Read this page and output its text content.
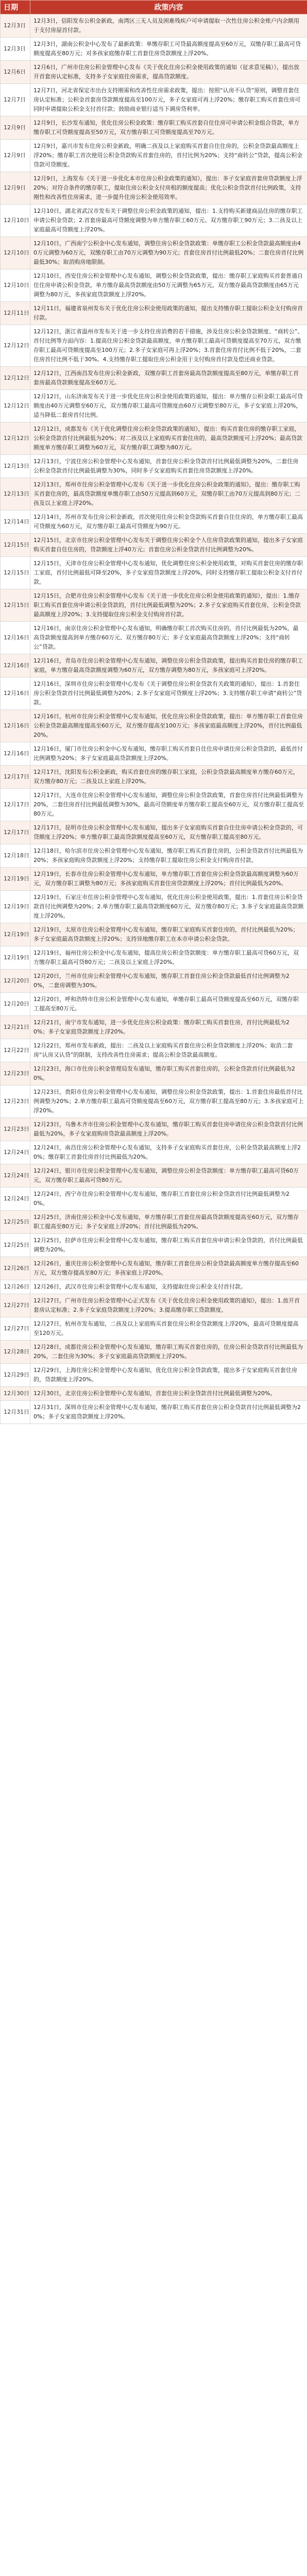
日期	政策内容
12月3日	12月3日，信阳发布公积金新政，南湾区三无人员及困难残疾户可申请提取一次性住房公积金账户内余额用于支付房屋首付款。
12月3日	12月3日，湖南公积金中心发布了最新政策：单缴存职工可贷最高额度提高至60万元，双缴存职工最高可贷额度提高至80万元；对多孩家庭缴存职工首套住房贷款额度上浮20%。
12月6日	12月6日，广州市住房公积金管理中心发布《关于优化住房公积金使用政策的通知（征求意见稿）》，提出放开首套房认定标准，支持多子女家庭住房需求，提高贷款额度。
12月7日	12月7日，河北省保定市出台支持刚需和改善性住房需求政策，提出：按照“认房不认贷”原则，调整首套住房认定标准；公积金首套房贷款额度提高至100万元，多子女家庭可再上浮20%；缴存职工购买首套住房可同时申请提取公积金支付首付款；鼓励商业银行适当下调房贷利率。
12月9日	12月9日，长沙发布通知，优化住房公积金政策：缴存职工购买首套自住住房可申请公积金组合贷款，单方缴存职工可贷额度提高至50万元，双方缴存职工可贷额度提高至70万元。
12月9日	12月9日，嘉兴市发布住房公积金新政，明确二孩及以上家庭购买首套自住住房的，公积金贷款最高额度上浮20%；缴存职工首次使用公积金贷款购买首套住房的，首付比例为20%；支持“商转公”贷款，提高公积金贷款可贷额度。
12月9日	12月9日，上海发布《关于进一步优化本市住房公积金政策的通知》，提出：多子女家庭首套房贷款额度上浮20%；对符合条件的缴存职工，提取住房公积金支付房租的额度提高；优化公积金贷款首付比例政策，支持刚性和改善性住房需求，进一步提升住房公积金使用效率。
12月10日	12月10日，湖北省武汉市发布关于调整住房公积金政策的通知，提出：1.支持购买新建商品住房的缴存职工申请公积金贷款；2.首套房最高可贷额度调整为单方缴存职工60万元、双方缴存职工90万元；3.二孩及以上家庭最高可贷额度上浮20%。
12月10日	12月10日，广西南宁公积金中心发布通知，调整住房公积金贷款政策：单缴存职工公积金贷款最高额度由40万元调整为60万元，双缴存职工由70万元调整为90万元；首套住房首付比例最低20%；二套住房首付比例最低30%；取消购房地限制。
12月10日	12月10日，西安住房公积金管理中心发布通知，调整公积金贷款政策，提出：缴存职工家庭购买首套普通自住住房申请公积金贷款，单方缴存最高贷款额度由50万元调整为65万元，双方缴存最高贷款额度由65万元调整为80万元，多孩家庭贷款额度上浮20%。
12月11日	12月11日，福建省泉州发布关于优化住房公积金使用政策的通知，提出支持缴存职工提取公积金支付购房首付款。
12月12日	12月12日，浙江省温州市发布关于进一步支持住房消费的若干措施，涉及住房公积金贷款额度、“商转公”、首付比例等方面内容：1.提高住房公积金贷款最高额度，单方缴存职工最高可贷额度提高至70万元，双方缴存职工最高可贷额度提高至100万元；2.多子女家庭可再上浮20%；3.首套住房首付比例不低于20%，二套住房首付比例不低于30%。4.支持缴存职工提取住房公积金用于支付购房首付款及偿还商业贷款。
12月12日	12月12日，江西南昌发布住房公积金新政，双缴存职工首套房最高贷款额度提高至80万元，单缴存职工首套房最高贷款额度提高至60万元。
12月12日	12月12日，山东济南发布关于进一步优化住房公积金使用政策的通知，提出：单方缴存公积金职工最高可贷额度由40万元调整至60万元，双方缴存职工最高可贷额度由60万元调整至80万元，多子女家庭上浮20%，适当降低二套房首付比例。
12月12日	12月12日，成都发布《关于优化调整住房公积金贷款政策的通知》，提出：购买首套住房的缴存职工家庭，公积金贷款首付比例最低为20%；对二孩及以上家庭购买首套住房的，最高贷款额度可上浮20%；最高贷款额度单方缴存职工调整为60万元，双方缴存职工调整为80万元。
12月13日	12月13日，宁波住房公积金管理中心发布通知，首套住房公积金贷款首付比例最低调整为20%，二套住房公积金贷款首付比例最低调整为30%，同时多子女家庭购买首套住房贷款额度上浮20%。
12月13日	12月13日，郑州市住房公积金管理中心发布《关于进一步优化住房公积金政策的通知》，提出：缴存职工购买首套住房的，最高贷款额度单缴存职工由50万元提高到60万元，双缴存职工由70万元提高到80万元；二孩及以上家庭上浮20%。
12月14日	12月14日，苏州市发布住房公积金新政，首次使用住房公积金贷款购买首套自住住房的，单方缴存职工最高可贷额度为60万元，双方缴存职工最高可贷额度为90万元。
12月15日	12月15日，北京市住房公积金管理中心发布关于调整住房公积金个人住房贷款政策的通知，提出多子女家庭购买首套自住住房的，贷款额度上浮40万元；首套住房公积金贷款首付比例调整为20%。
12月15日	12月15日，天津市住房公积金管理中心发布通知，优化调整住房公积金使用政策，对购买首套住房的缴存职工家庭，首付比例最低可降至20%，多子女家庭贷款额度上浮20%，同时支持缴存职工提取公积金支付首付款。
12月15日	12月15日，合肥市住房公积金管理中心发布《关于进一步优化住房公积金使用政策的通知》，提出：1.缴存职工购买首套住房申请公积金贷款的，首付比例最低调整为20%；2.多子女家庭购买首套住房，公积金贷款最高额度上浮20%；3.支持提取住房公积金支付购房首付款。
12月16日	12月16日，南京住房公积金管理中心发布通知，明确缴存职工首次购买住房的，首付比例最低为20%，最高贷款额度提高到单方缴存60万元、双方缴存80万元；多子女家庭最高贷款额度上浮20%；支持“商转公”贷款。
12月16日	12月16日，青岛市住房公积金管理中心发布通知，调整住房公积金贷款政策，提出购买首套住房的缴存职工家庭，单方缴存最高贷款额度调整为60万元，双方缴存调整为80万元，多孩家庭可上浮20%。
12月16日	12月16日，深圳市住房公积金管理中心发布《关于调整住房公积金贷款有关政策的通知》，提出：1.首套住房公积金贷款首付比例最低调整为20%；2.多子女家庭可贷额度上浮20%；3.支持缴存职工申请“商转公”贷款。
12月16日	12月16日，杭州市住房公积金管理中心发布通知，优化住房公积金贷款政策，提出：单方缴存职工首套住房公积金贷款最高额度提高至60万元，双方缴存提高至100万元；多孩家庭最高额度上浮20%，首付比例最低20%。
12月16日	12月16日，厦门市住房公积金中心发布通知，缴存职工购买首套自住住房申请住房公积金贷款的，最低首付比例调整为20%；多子女家庭最高贷款额度上浮20%。
12月17日	12月17日，沈阳发布公积金新政，购买首套住房的缴存职工家庭，公积金贷款最高额度单方缴存60万元，双方缴存80万元；二孩及以上家庭上浮20%。
12月17日	12月17日，大连市住房公积金管理中心发布通知，调整住房公积金贷款政策，首套住房首付比例最低调整为20%，二套住房首付比例最低调整为30%，最高可贷额度单方缴存职工提高至60万元，双方缴存职工提高至80万元。
12月17日	12月17日，昆明市住房公积金管理中心发布通知，提出多子女家庭购买首套自住住房申请公积金贷款的，可贷额度上浮20%；单方缴存职工最高贷款额度提高至60万元，双方缴存职工提高至80万元。
12月18日	12月18日，哈尔滨市住房公积金管理中心发布通知，缴存职工购买首套住房的，公积金贷款首付比例最低为20%；多孩家庭购房贷款额度上浮20%；支持缴存职工提取住房公积金支付购房首付款。
12月19日	12月19日，长春市住房公积金管理中心发布通知，单方缴存职工首套住房公积金贷款最高额度调整为60万元，双方缴存职工调整为80万元；多孩家庭购买首套住房贷款额度上浮20%；首付比例最低为20%。
12月19日	12月19日，石家庄市住房公积金管理中心发布通知，优化住房公积金使用政策，提出：1.首套住房公积金贷款首付比例调整为20%；2.单方缴存职工最高贷款额度60万元，双方缴存80万元；3.多子女家庭最高贷款额度上浮20%。
12月19日	12月19日，太原市住房公积金管理中心发布通知，缴存职工家庭购买首套住房的，首付比例最低为20%；多子女家庭最高贷款额度上浮20%；支持异地缴存职工在本市申请公积金贷款。
12月19日	12月19日，福州住房公积金中心发布通知，提高住房公积金贷款额度：单方缴存职工最高可贷60万元，双方缴存职工最高可贷80万元；二孩及以上家庭上浮20%。
12月20日	12月20日，兰州市住房公积金管理中心发布通知，缴存职工首套住房公积金贷款最低首付比例调整为20%，二套房调整为30%。
12月20日	12月20日，呼和浩特市住房公积金管理中心发布通知，单缴存职工最高可贷额度提高至60万元，双缴存职工提高至80万元。
12月21日	12月21日，南宁市发布通知，进一步优化住房公积金政策：缴存职工购买首套住房，首付比例最低为20%；多子女家庭贷款额度上浮20%。
12月22日	12月22日，郑州市发布新政，提出：二孩及以上家庭购买首套住房公积金贷款额度上浮20%；取消二套房“认房又认贷”的限制，支持改善性住房需求；提高公积金贷款最高额度。
12月23日	12月23日，海口市住房公积金管理局发布通知，缴存职工购买首套住房的，公积金贷款首付比例最低为20%。
12月23日	12月23日，贵阳市住房公积金管理中心发布通知，调整住房公积金贷款政策，提出：1.首套住房最低首付比例调整为20%；2.单方缴存职工最高可贷额度提高至60万元，双方缴存职工提高至80万元；3.多孩家庭可上浮20%。
12月23日	12月23日，乌鲁木齐市住房公积金管理中心发布通知，缴存职工购买首套住房申请住房公积金贷款首付比例最低为20%，多子女家庭购房贷款最高额度上浮20%。
12月24日	12月24日，南昌住房公积金管理中心发布通知，支持多子女家庭购买首套住房，公积金贷款最高额度上浮20%；缴存职工首套住房首付比例最低为20%。
12月24日	12月24日，银川市住房公积金管理中心发布通知，调整住房公积金贷款额度：单方缴存职工最高可贷60万元，双方缴存职工最高可贷80万元。
12月24日	12月24日，西宁市住房公积金管理中心发布通知，缴存职工首套住房公积金贷款首付比例最低调整为20%。
12月25日	12月25日，济南住房公积金中心发布通知，单方缴存职工首套住房最高贷款额度提高至60万元，双方缴存职工提高至80万元；多子女家庭上浮20%；首付比例最低为20%。
12月25日	12月25日，拉萨市住房公积金管理中心发布通知，缴存职工购买首套住房申请公积金贷款的，首付比例最低调整为20%。
12月26日	12月26日，重庆住房公积金管理中心发布通知，缴存职工首套住房公积金贷款最高额度单方缴存提高至60万元，双方缴存提高至80万元；多孩家庭上浮20%。
12月26日	12月26日，武汉市住房公积金管理中心发布通知，支持提取住房公积金支付首付款。
12月27日	12月27日，广州市住房公积金管理中心正式发布《关于优化住房公积金使用政策的通知》，提出：1.放开首套房认定标准；2.多子女家庭贷款额度上浮20%；3.提高缴存职工贷款额度。
12月27日	12月27日，杭州市发布通知，二孩及以上家庭购买首套住房公积金贷款额度上浮20%，最高可贷额度提高至120万元。
12月28日	12月28日，成都住房公积金管理中心发布通知，缴存职工购买首套住房的，住房公积金贷款首付比例最低为20%，二套住房为30%；多子女家庭最高贷款额度上浮20%。
12月29日	12月29日，上海住房公积金管理中心发布通知，优化住房公积金贷款政策，提出多子女家庭购买首套住房的，贷款额度上浮20%。
12月30日	12月30日，北京住房公积金管理中心发布通知，首套住房公积金贷款首付比例最低调整为20%。
12月31日	12月31日，深圳市住房公积金管理中心发布通知，缴存职工购买首套住房公积金贷款首付比例最低调整为20%；多子女家庭贷款额度上浮20%。
